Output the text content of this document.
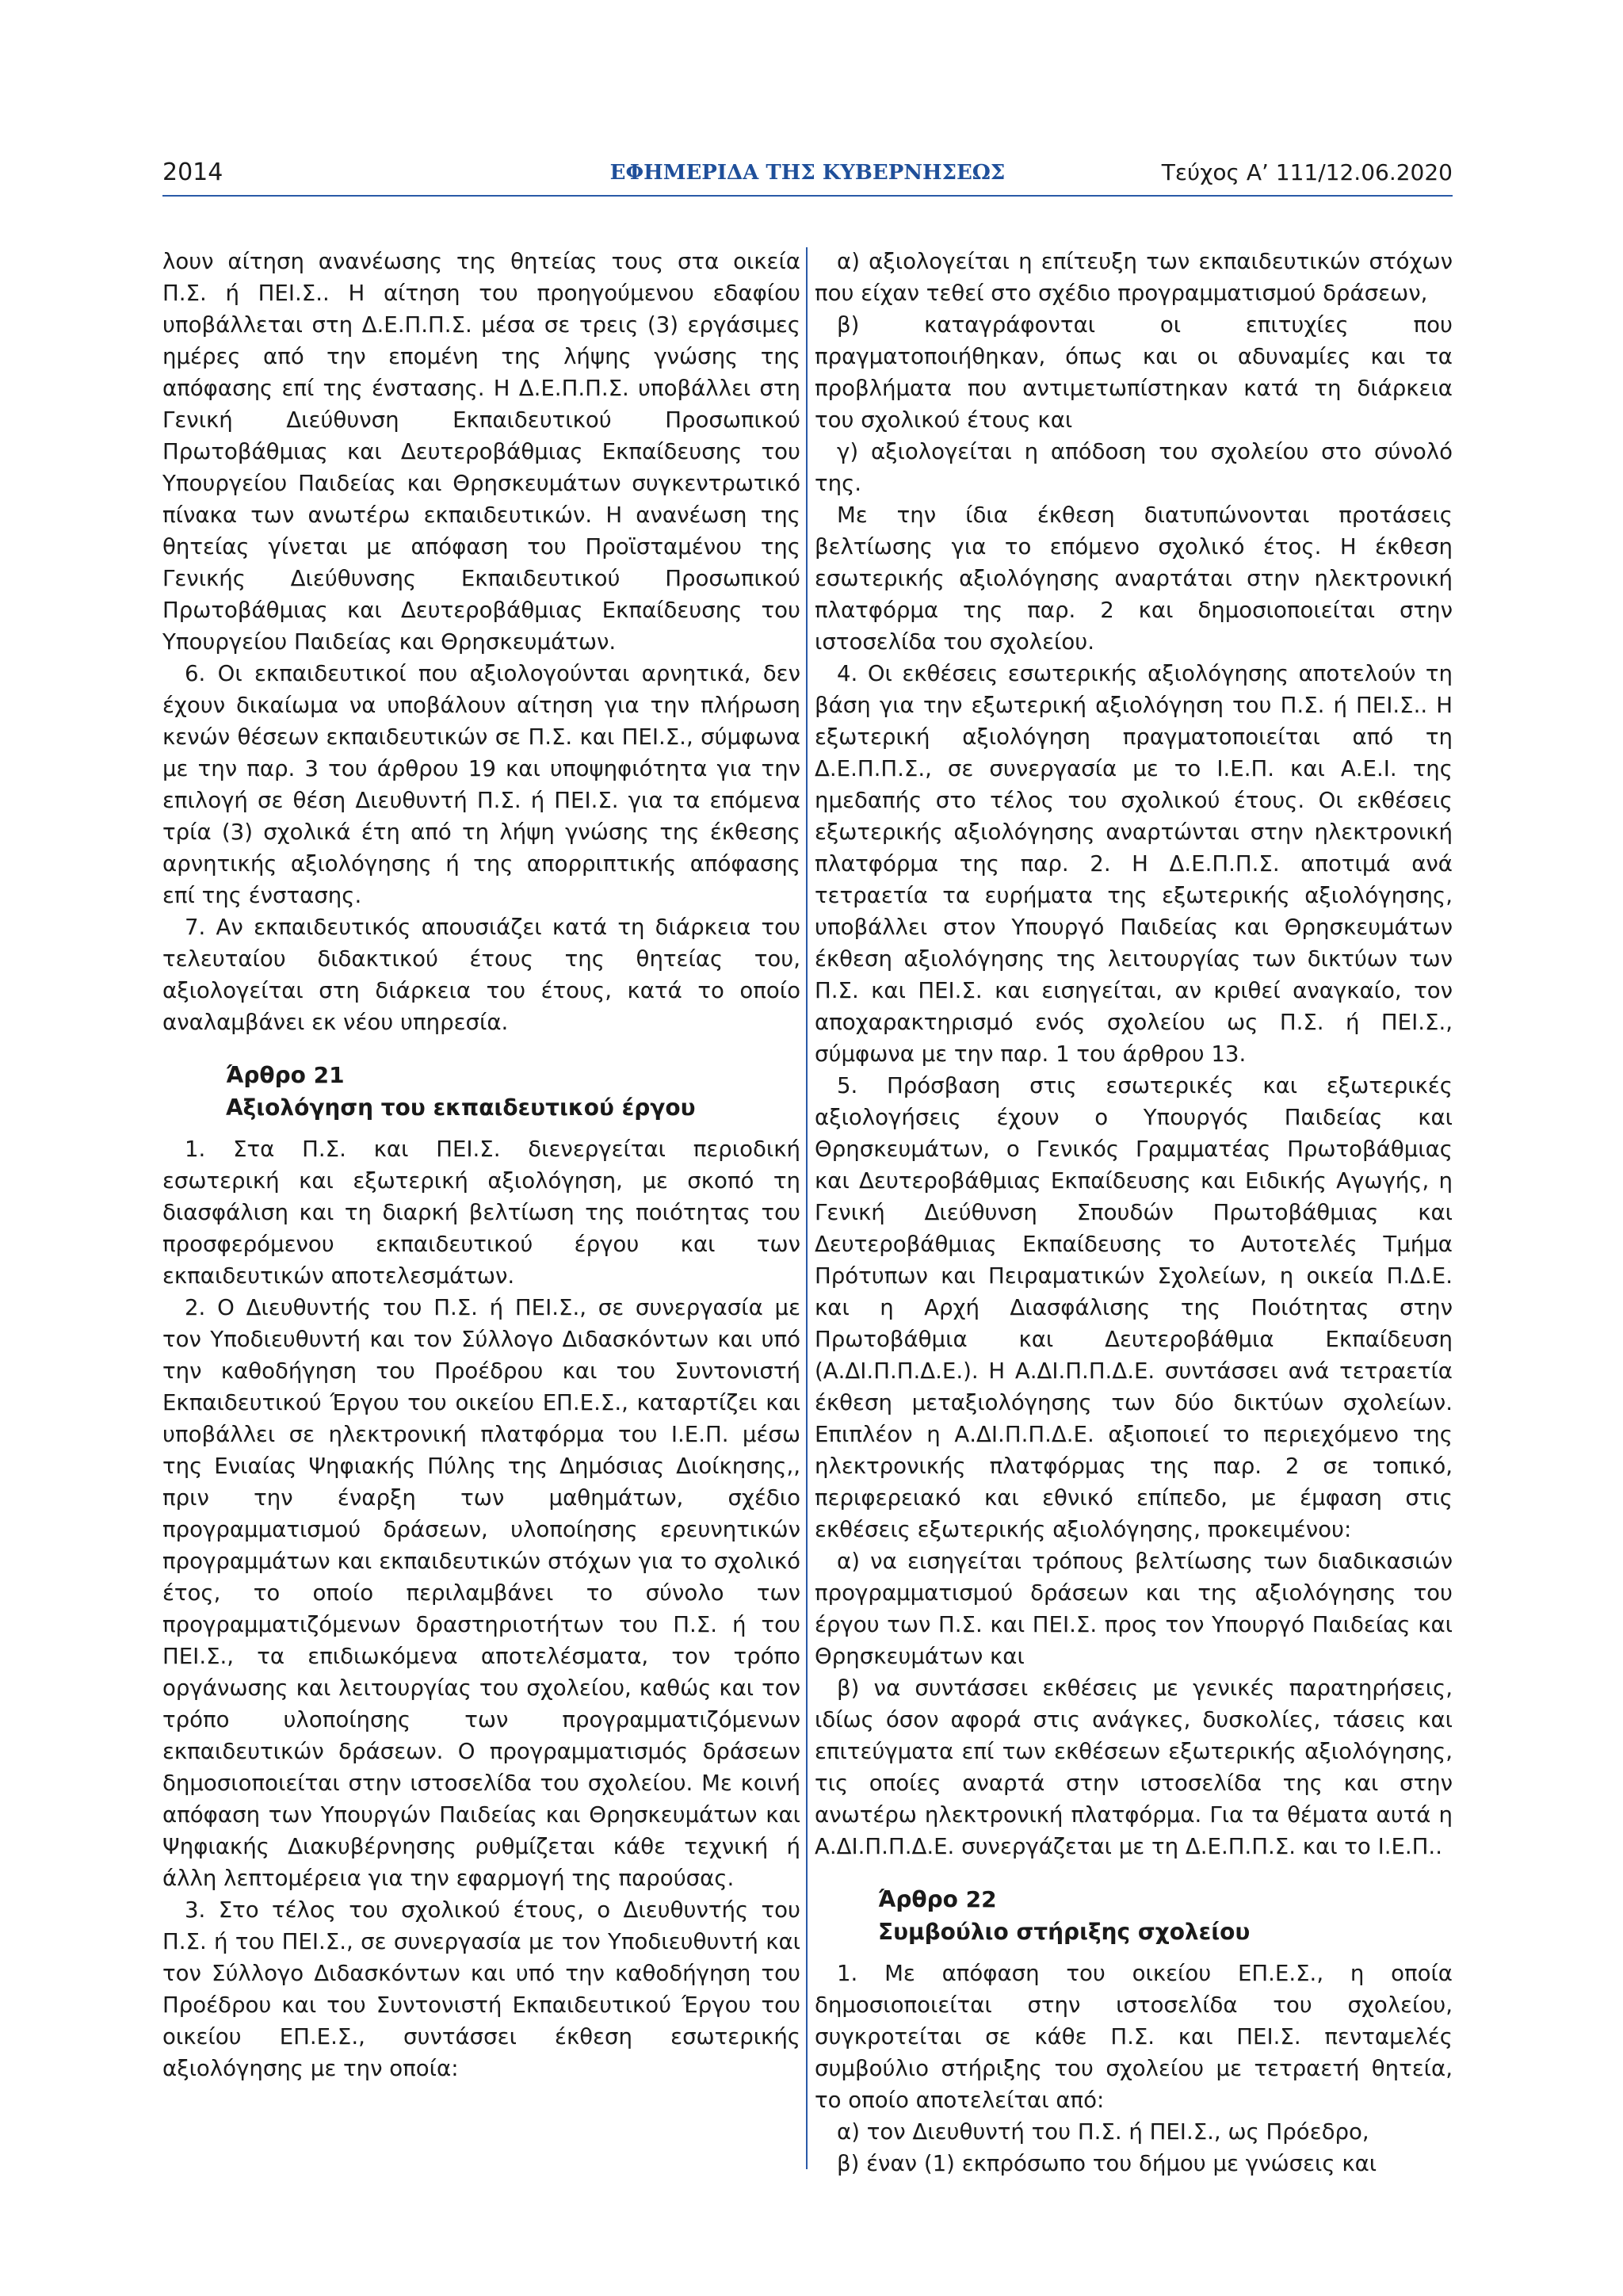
2014	ΕΦΗΜΕΡΙΔΑ ΤΗΣ ΚΥΒΕΡΝΗΣΕΩΣ	Τεύχος Α’ 111/12.06.2020

λουν αίτηση ανανέωσης της θητείας τους στα οικεία Π.Σ. ή ΠΕΙ.Σ.. Η αίτηση του προηγούμενου εδαφίου υποβάλλεται στη Δ.Ε.Π.Π.Σ. μέσα σε τρεις (3) εργάσιμες ημέρες από την επομένη της λήψης γνώσης της απόφασης επί της ένστασης. Η Δ.Ε.Π.Π.Σ. υποβάλλει στη Γενική Διεύθυνση Εκπαιδευτικού Προσωπικού Πρωτοβάθμιας και Δευτεροβάθμιας Εκπαίδευσης του Υπουργείου Παιδείας και Θρησκευμάτων συγκεντρωτικό πίνακα των ανωτέρω εκπαιδευτικών. Η ανανέωση της θητείας γίνεται με απόφαση του Προϊσταμένου της Γενικής Διεύθυνσης Εκπαιδευτικού Προσωπικού Πρωτοβάθμιας και Δευτεροβάθμιας Εκπαίδευσης του Υπουργείου Παιδείας και Θρησκευμάτων.

6. Οι εκπαιδευτικοί που αξιολογούνται αρνητικά, δεν έχουν δικαίωμα να υποβάλουν αίτηση για την πλήρωση κενών θέσεων εκπαιδευτικών σε Π.Σ. και ΠΕΙ.Σ., σύμφωνα με την παρ. 3 του άρθρου 19 και υποψηφιότητα για την επιλογή σε θέση Διευθυντή Π.Σ. ή ΠΕΙ.Σ. για τα επόμενα τρία (3) σχολικά έτη από τη λήψη γνώσης της έκθεσης αρνητικής αξιολόγησης ή της απορριπτικής απόφασης επί της ένστασης.

7. Αν εκπαιδευτικός απουσιάζει κατά τη διάρκεια του τελευταίου διδακτικού έτους της θητείας του, αξιολογείται στη διάρκεια του έτους, κατά το οποίο αναλαμβάνει εκ νέου υπηρεσία.

Άρθρο 21
Αξιολόγηση του εκπαιδευτικού έργου

1. Στα Π.Σ. και ΠΕΙ.Σ. διενεργείται περιοδική εσωτερική και εξωτερική αξιολόγηση, με σκοπό τη διασφάλιση και τη διαρκή βελτίωση της ποιότητας του προσφερόμενου εκπαιδευτικού έργου και των εκπαιδευτικών αποτελεσμάτων.

2. Ο Διευθυντής του Π.Σ. ή ΠΕΙ.Σ., σε συνεργασία με τον Υποδιευθυντή και τον Σύλλογο Διδασκόντων και υπό την καθοδήγηση του Προέδρου και του Συντονιστή Εκπαιδευτικού Έργου του οικείου ΕΠ.Ε.Σ., καταρτίζει και υποβάλλει σε ηλεκτρονική πλατφόρμα του Ι.Ε.Π. μέσω της Ενιαίας Ψηφιακής Πύλης της Δημόσιας Διοίκησης,, πριν την έναρξη των μαθημάτων, σχέδιο προγραμματισμού δράσεων, υλοποίησης ερευνητικών προγραμμάτων και εκπαιδευτικών στόχων για το σχολικό έτος, το οποίο περιλαμβάνει το σύνολο των προγραμματιζόμενων δραστηριοτήτων του Π.Σ. ή του ΠΕΙ.Σ., τα επιδιωκόμενα αποτελέσματα, τον τρόπο οργάνωσης και λειτουργίας του σχολείου, καθώς και τον τρόπο υλοποίησης των προγραμματιζόμενων εκπαιδευτικών δράσεων. Ο προγραμματισμός δράσεων δημοσιοποιείται στην ιστοσελίδα του σχολείου. Με κοινή απόφαση των Υπουργών Παιδείας και Θρησκευμάτων και Ψηφιακής Διακυβέρνησης ρυθμίζεται κάθε τεχνική ή άλλη λεπτομέρεια για την εφαρμογή της παρούσας.

3. Στο τέλος του σχολικού έτους, ο Διευθυντής του Π.Σ. ή του ΠΕΙ.Σ., σε συνεργασία με τον Υποδιευθυντή και τον Σύλλογο Διδασκόντων και υπό την καθοδήγηση του Προέδρου και του Συντονιστή Εκπαιδευτικού Έργου του οικείου ΕΠ.Ε.Σ., συντάσσει έκθεση εσωτερικής αξιολόγησης με την οποία:

α) αξιολογείται η επίτευξη των εκπαιδευτικών στόχων που είχαν τεθεί στο σχέδιο προγραμματισμού δράσεων,

β) καταγράφονται οι επιτυχίες που πραγματοποιήθηκαν, όπως και οι αδυναμίες και τα προβλήματα που αντιμετωπίστηκαν κατά τη διάρκεια του σχολικού έτους και

γ) αξιολογείται η απόδοση του σχολείου στο σύνολό της.

Με την ίδια έκθεση διατυπώνονται προτάσεις βελτίωσης για το επόμενο σχολικό έτος. Η έκθεση εσωτερικής αξιολόγησης αναρτάται στην ηλεκτρονική πλατφόρμα της παρ. 2 και δημοσιοποιείται στην ιστοσελίδα του σχολείου.

4. Οι εκθέσεις εσωτερικής αξιολόγησης αποτελούν τη βάση για την εξωτερική αξιολόγηση του Π.Σ. ή ΠΕΙ.Σ.. Η εξωτερική αξιολόγηση πραγματοποιείται από τη Δ.Ε.Π.Π.Σ., σε συνεργασία με το Ι.Ε.Π. και Α.Ε.Ι. της ημεδαπής στο τέλος του σχολικού έτους. Οι εκθέσεις εξωτερικής αξιολόγησης αναρτώνται στην ηλεκτρονική πλατφόρμα της παρ. 2. Η Δ.Ε.Π.Π.Σ. αποτιμά ανά τετραετία τα ευρήματα της εξωτερικής αξιολόγησης, υποβάλλει στον Υπουργό Παιδείας και Θρησκευμάτων έκθεση αξιολόγησης της λειτουργίας των δικτύων των Π.Σ. και ΠΕΙ.Σ. και εισηγείται, αν κριθεί αναγκαίο, τον αποχαρακτηρισμό ενός σχολείου ως Π.Σ. ή ΠΕΙ.Σ., σύμφωνα με την παρ. 1 του άρθρου 13.

5. Πρόσβαση στις εσωτερικές και εξωτερικές αξιολογήσεις έχουν ο Υπουργός Παιδείας και Θρησκευμάτων, ο Γενικός Γραμματέας Πρωτοβάθμιας και Δευτεροβάθμιας Εκπαίδευσης και Ειδικής Αγωγής, η Γενική Διεύθυνση Σπουδών Πρωτοβάθμιας και Δευτεροβάθμιας Εκπαίδευσης το Αυτοτελές Τμήμα Πρότυπων και Πειραματικών Σχολείων, η οικεία Π.Δ.Ε. και η Αρχή Διασφάλισης της Ποιότητας στην Πρωτοβάθμια και Δευτεροβάθμια Εκπαίδευση (Α.ΔΙ.Π.Π.Δ.Ε.). Η Α.ΔΙ.Π.Π.Δ.Ε. συντάσσει ανά τετραετία έκθεση μεταξιολόγησης των δύο δικτύων σχολείων. Επιπλέον η Α.ΔΙ.Π.Π.Δ.Ε. αξιοποιεί το περιεχόμενο της ηλεκτρονικής πλατφόρμας της παρ. 2 σε τοπικό, περιφερειακό και εθνικό επίπεδο, με έμφαση στις εκθέσεις εξωτερικής αξιολόγησης, προκειμένου:

α) να εισηγείται τρόπους βελτίωσης των διαδικασιών προγραμματισμού δράσεων και της αξιολόγησης του έργου των Π.Σ. και ΠΕΙ.Σ. προς τον Υπουργό Παιδείας και Θρησκευμάτων και

β) να συντάσσει εκθέσεις με γενικές παρατηρήσεις, ιδίως όσον αφορά στις ανάγκες, δυσκολίες, τάσεις και επιτεύγματα επί των εκθέσεων εξωτερικής αξιολόγησης, τις οποίες αναρτά στην ιστοσελίδα της και στην ανωτέρω ηλεκτρονική πλατφόρμα. Για τα θέματα αυτά η Α.ΔΙ.Π.Π.Δ.Ε. συνεργάζεται με τη Δ.Ε.Π.Π.Σ. και το Ι.Ε.Π..

Άρθρο 22
Συμβούλιο στήριξης σχολείου

1. Με απόφαση του οικείου ΕΠ.Ε.Σ., η οποία δημοσιοποιείται στην ιστοσελίδα του σχολείου, συγκροτείται σε κάθε Π.Σ. και ΠΕΙ.Σ. πενταμελές συμβούλιο στήριξης του σχολείου με τετραετή θητεία, το οποίο αποτελείται από:

α) τον Διευθυντή του Π.Σ. ή ΠΕΙ.Σ., ως Πρόεδρο,

β) έναν (1) εκπρόσωπο του δήμου με γνώσεις και
